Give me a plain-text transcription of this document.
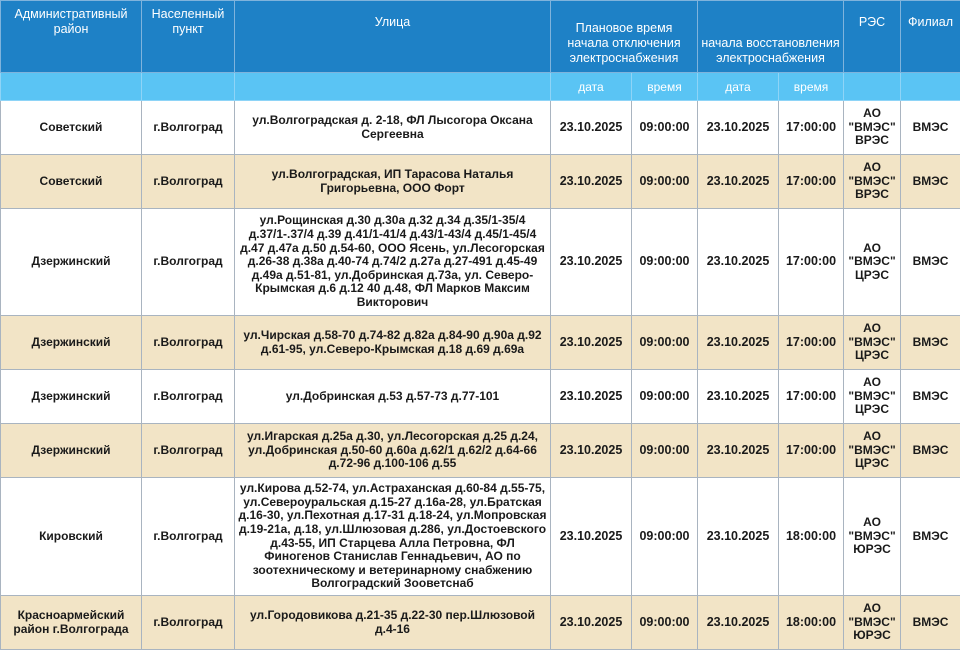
Административный район	Населенный пункт	Улица	Плановое время начала отключения электроснабжения		начала восстановления электроснабжения		РЭС	Филиал
			дата	время	дата	время		
Советский	г.Волгоград	ул.Волгоградская д. 2-18, ФЛ Лысогора Оксана Сергеевна	23.10.2025	09:00:00	23.10.2025	17:00:00	АО "ВМЭС" ВРЭС	ВМЭС
Советский	г.Волгоград	ул.Волгоградская, ИП Тарасова Наталья Григорьевна, ООО Форт	23.10.2025	09:00:00	23.10.2025	17:00:00	АО "ВМЭС" ВРЭС	ВМЭС
Дзержинский	г.Волгоград	ул.Рощинская д.30 д.30а д.32 д.34 д.35/1-35/4 д.37/1-.37/4 д.39 д.41/1-41/4 д.43/1-43/4 д.45/1-45/4 д.47 д.47а д.50 д.54-60, ООО Ясень, ул.Лесогорская д.26-38 д.38а д.40-74 д.74/2 д.27а д.27-491 д.45-49 д.49а д.51-81, ул.Добринская д.73а, ул. Северо-Крымская д.6 д.12 40 д.48, ФЛ Марков Максим Викторович	23.10.2025	09:00:00	23.10.2025	17:00:00	АО "ВМЭС" ЦРЭС	ВМЭС
Дзержинский	г.Волгоград	ул.Чирская д.58-70 д.74-82 д.82а д.84-90 д.90а д.92 д.61-95, ул.Северо-Крымская д.18 д.69 д.69а	23.10.2025	09:00:00	23.10.2025	17:00:00	АО "ВМЭС" ЦРЭС	ВМЭС
Дзержинский	г.Волгоград	ул.Добринская д.53 д.57-73 д.77-101	23.10.2025	09:00:00	23.10.2025	17:00:00	АО "ВМЭС" ЦРЭС	ВМЭС
Дзержинский	г.Волгоград	ул.Игарская д.25а д.30, ул.Лесогорская д.25 д.24, ул.Добринская д.50-60 д.60а д.62/1 д.62/2 д.64-66 д.72-96 д.100-106 д.55	23.10.2025	09:00:00	23.10.2025	17:00:00	АО "ВМЭС" ЦРЭС	ВМЭС
Кировский	г.Волгоград	ул.Кирова д.52-74, ул.Астраханская д.60-84 д.55-75, ул.Североуральская д.15-27 д.16а-28, ул.Братская д.16-30, ул.Пехотная д.17-31 д.18-24, ул.Мопровская д.19-21а, д.18, ул.Шлюзовая д.286, ул.Достоевского д.43-55, ИП Старцева Алла Петровна, ФЛ Финогенов Станислав Геннадьевич, АО по зоотехническому и ветеринарному снабжению Волгоградский Зооветснаб	23.10.2025	09:00:00	23.10.2025	18:00:00	АО "ВМЭС" ЮРЭС	ВМЭС
Красноармейский район г.Волгограда	г.Волгоград	ул.Городовикова д.21-35 д.22-30 пер.Шлюзовой д.4-16	23.10.2025	09:00:00	23.10.2025	18:00:00	АО "ВМЭС" ЮРЭС	ВМЭС
